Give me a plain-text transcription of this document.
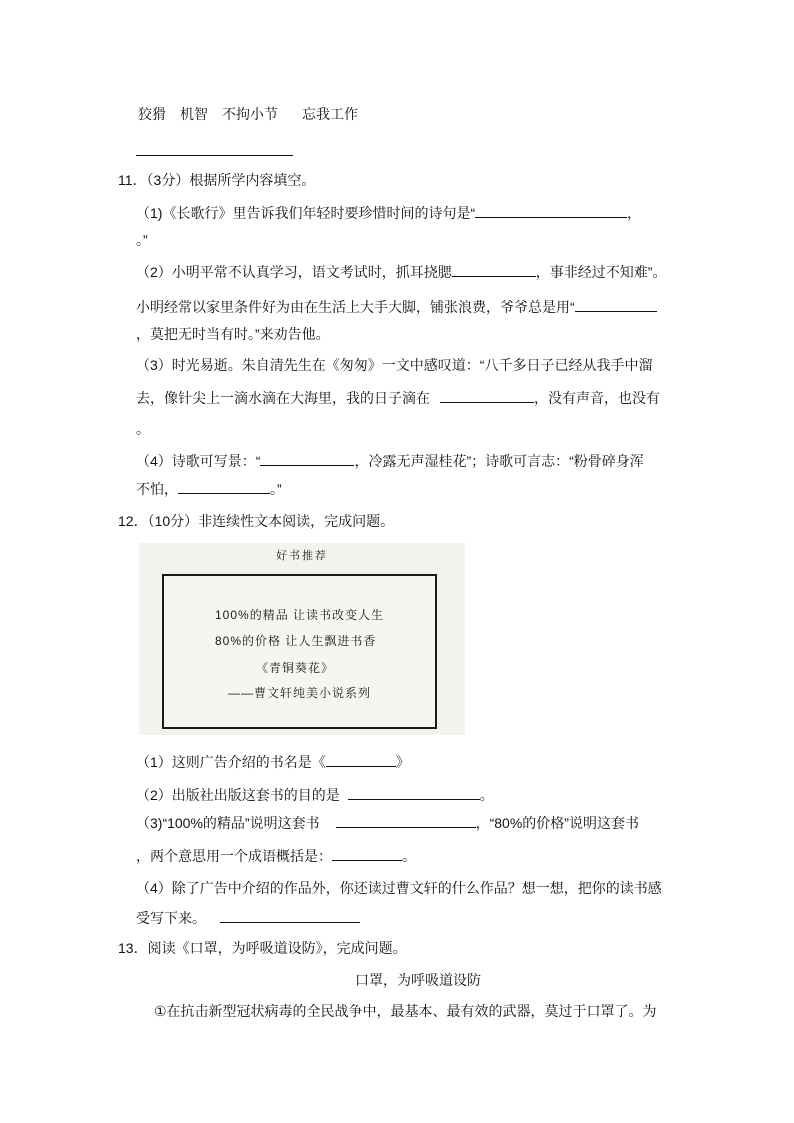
狡猾 机智 不拘小节 忘我工作
11．（3分）根据所学内容填空。
（1)《长歌行》里告诉我们年轻时要珍惜时间的诗句是“	，
。”
（2）小明平常不认真学习，语文考试时，抓耳挠腮	，事非经过不知难”。
小明经常以家里条件好为由在生活上大手大脚，铺张浪费，爷爷总是用“
，莫把无时当有时。”来劝告他。
（3）时光易逝。朱自清先生在《匆匆》一文中感叹道：“八千多日子已经从我手中溜
去，像针尖上一滴水滴在大海里，我的日子滴在	，没有声音，也没有
。
（4）诗歌可写景：“	，冷露无声湿桂花”；诗歌可言志：“粉骨碎身浑
不怕，	。”
12．（10分）非连续性文本阅读，完成问题。
好书推荐
100%的精品 让读书改变人生
80%的价格 让人生飘进书香
《青铜葵花》
——曹文轩纯美小说系列
（1）这则广告介绍的书名是《	》
（2）出版社出版这套书的目的是	。
（3)“100%的精品”说明这套书	，“80%的价格”说明这套书
，两个意思用一个成语概括是：	。
（4）除了广告中介绍的作品外，你还读过曹文轩的什么作品？想一想，把你的读书感
受写下来。
13．阅读《口罩，为呼吸道设防》，完成问题。
口罩，为呼吸道设防
①在抗击新型冠状病毒的全民战争中，最基本、最有效的武器，莫过于口罩了。为
